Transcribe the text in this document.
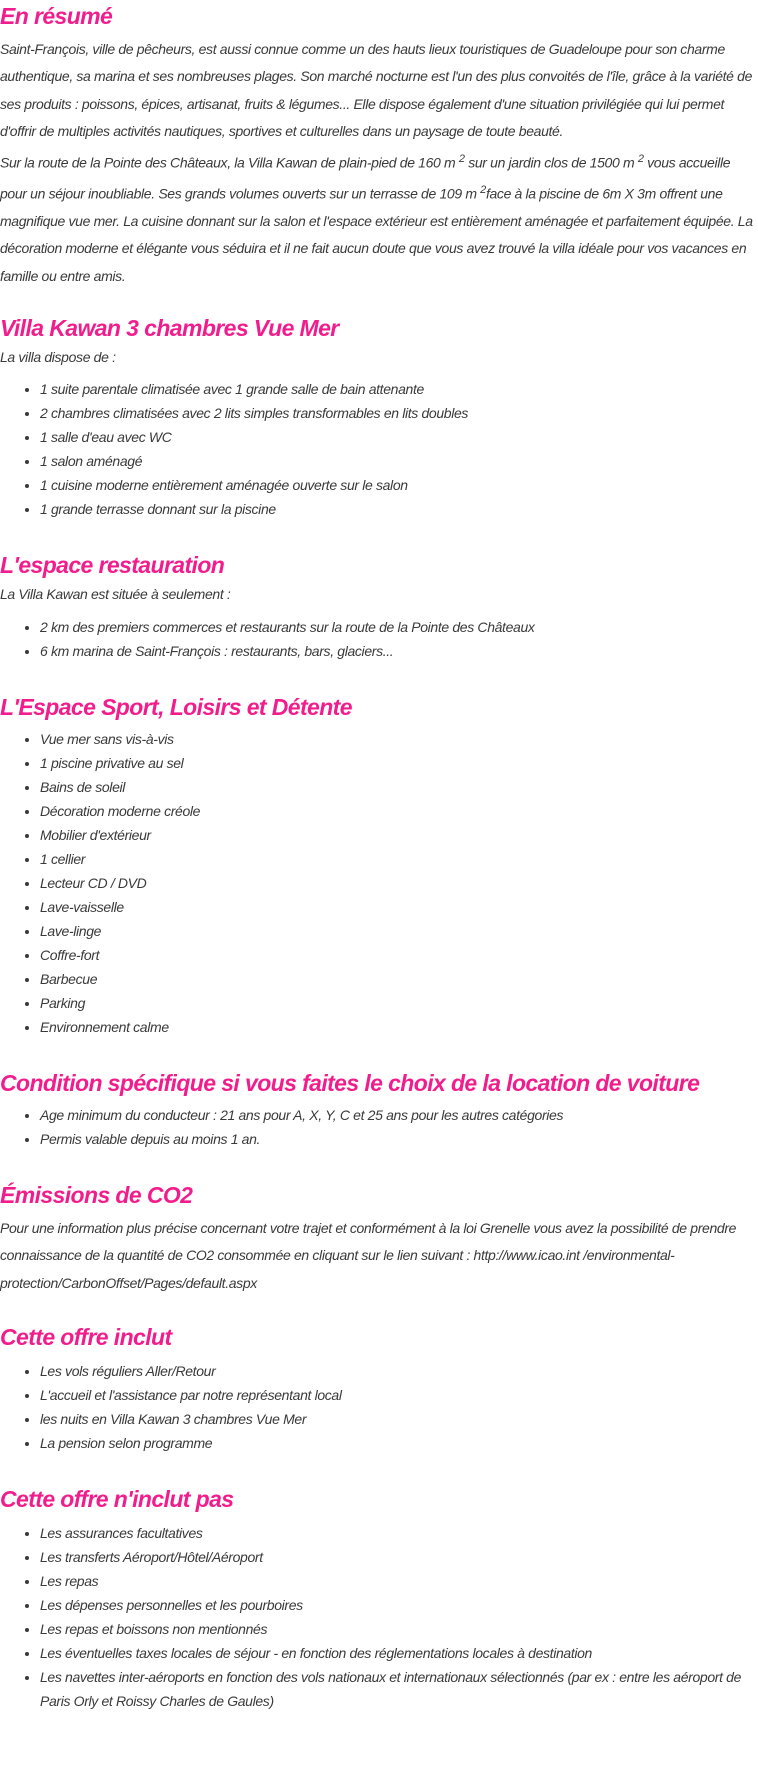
En résumé

Saint-François, ville de pêcheurs, est aussi connue comme un des hauts lieux touristiques de Guadeloupe pour son charme authentique, sa marina et ses nombreuses plages. Son marché nocturne est l'un des plus convoités de l'île, grâce à la variété de ses produits : poissons, épices, artisanat, fruits & légumes... Elle dispose également d'une situation privilégiée qui lui permet d'offrir de multiples activités nautiques, sportives et culturelles dans un paysage de toute beauté.

Sur la route de la Pointe des Châteaux, la Villa Kawan de plain-pied de 160 m $^2$ sur un jardin clos de 1500 m $^2$ vous accueille pour un séjour inoubliable. Ses grands volumes ouverts sur un terrasse de 109 m $^2$face à la piscine de 6m X 3m offrent une magnifique vue mer. La cuisine donnant sur la salon et l'espace extérieur est entièrement aménagée et parfaitement équipée. La décoration moderne et élégante vous séduira et il ne fait aucun doute que vous avez trouvé la villa idéale pour vos vacances en famille ou entre amis.

Villa Kawan 3 chambres Vue Mer

La villa dispose de :

• 1 suite parentale climatisée avec 1 grande salle de bain attenante
• 2 chambres climatisées avec 2 lits simples transformables en lits doubles
• 1 salle d'eau avec WC
• 1 salon aménagé
• 1 cuisine moderne entièrement aménagée ouverte sur le salon
• 1 grande terrasse donnant sur la piscine
L'espace restauration

La Villa Kawan est située à seulement :

• 2 km des premiers commerces et restaurants sur la route de la Pointe des Châteaux
• 6 km marina de Saint-François : restaurants, bars, glaciers...
L'Espace Sport, Loisirs et Détente
• Vue mer sans vis-à-vis
• 1 piscine privative au sel
• Bains de soleil
• Décoration moderne créole
• Mobilier d'extérieur
• 1 cellier
• Lecteur CD / DVD
• Lave-vaisselle
• Lave-linge
• Coffre-fort
• Barbecue
• Parking
• Environnement calme
Condition spécifique si vous faites le choix de la location de voiture
• Age minimum du conducteur : 21 ans pour A, X, Y, C et 25 ans pour les autres catégories
• Permis valable depuis au moins 1 an.
Émissions de CO2

Pour une information plus précise concernant votre trajet et conformément à la loi Grenelle vous avez la possibilité de prendre connaissance de la quantité de CO2 consommée en cliquant sur le lien suivant : http://www.icao.int /environmental-protection/CarbonOffset/Pages/default.aspx

Cette offre inclut
• Les vols réguliers Aller/Retour
• L'accueil et l'assistance par notre représentant local
• les nuits en Villa Kawan 3 chambres Vue Mer
• La pension selon programme
Cette offre n'inclut pas
• Les assurances facultatives
• Les transferts Aéroport/Hôtel/Aéroport
• Les repas
• Les dépenses personnelles et les pourboires
• Les repas et boissons non mentionnés
• Les éventuelles taxes locales de séjour - en fonction des réglementations locales à destination
• Les navettes inter-aéroports en fonction des vols nationaux et internationaux sélectionnés (par ex : entre les aéroport de Paris Orly et Roissy Charles de Gaules)
